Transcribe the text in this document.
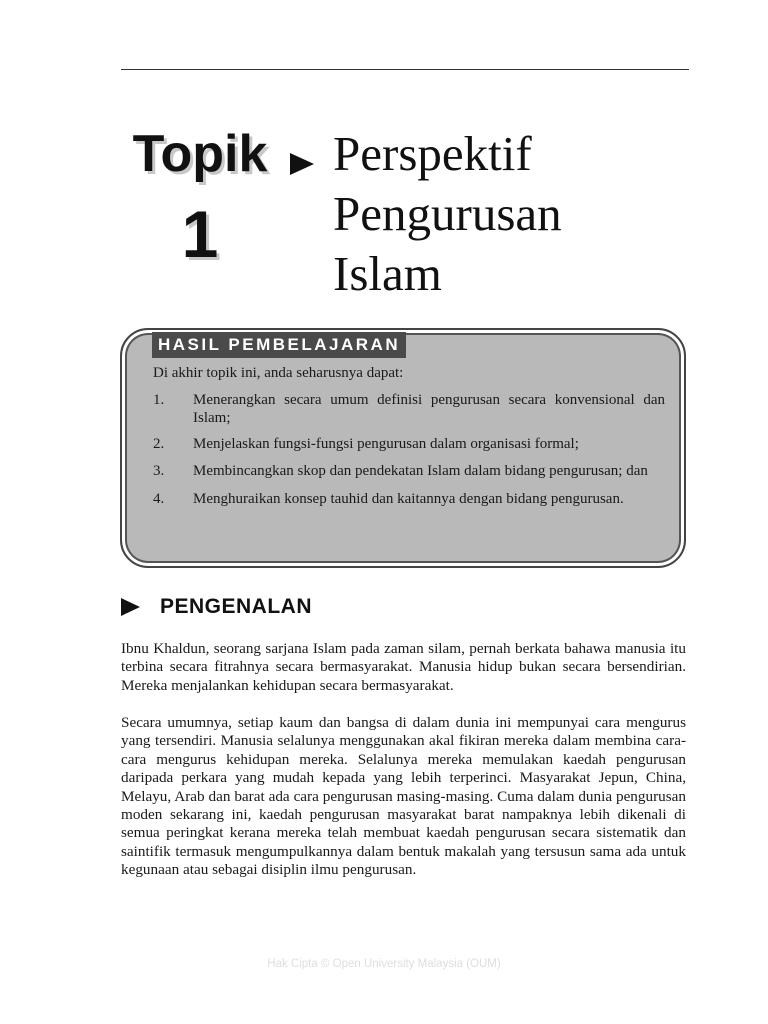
Topik
1
Perspektif
Pengurusan
Islam
HASIL PEMBELAJARAN
Di akhir topik ini, anda seharusnya dapat:
1.	Menerangkan secara umum definisi pengurusan secara konvensional dan Islam;
2.	Menjelaskan fungsi-fungsi pengurusan dalam organisasi formal;
3.	Membincangkan skop dan pendekatan Islam dalam bidang pengurusan; dan
4.	Menghuraikan konsep tauhid dan kaitannya dengan bidang pengurusan.
PENGENALAN

Ibnu Khaldun, seorang sarjana Islam pada zaman silam, pernah berkata bahawa manusia itu terbina secara fitrahnya secara bermasyarakat. Manusia hidup bukan secara bersendirian. Mereka menjalankan kehidupan secara bermasyarakat.

Secara umumnya, setiap kaum dan bangsa di dalam dunia ini mempunyai cara mengurus yang tersendiri. Manusia selalunya menggunakan akal fikiran mereka dalam membina cara-cara mengurus kehidupan mereka. Selalunya mereka memulakan kaedah pengurusan daripada perkara yang mudah kepada yang lebih terperinci. Masyarakat Jepun, China, Melayu, Arab dan barat ada cara pengurusan masing-masing. Cuma dalam dunia pengurusan moden sekarang ini, kaedah pengurusan masyarakat barat nampaknya lebih dikenali di semua peringkat kerana mereka telah membuat kaedah pengurusan secara sistematik dan saintifik termasuk mengumpulkannya dalam bentuk makalah yang tersusun sama ada untuk kegunaan atau sebagai disiplin ilmu pengurusan.

Hak Cipta © Open University Malaysia (OUM)
